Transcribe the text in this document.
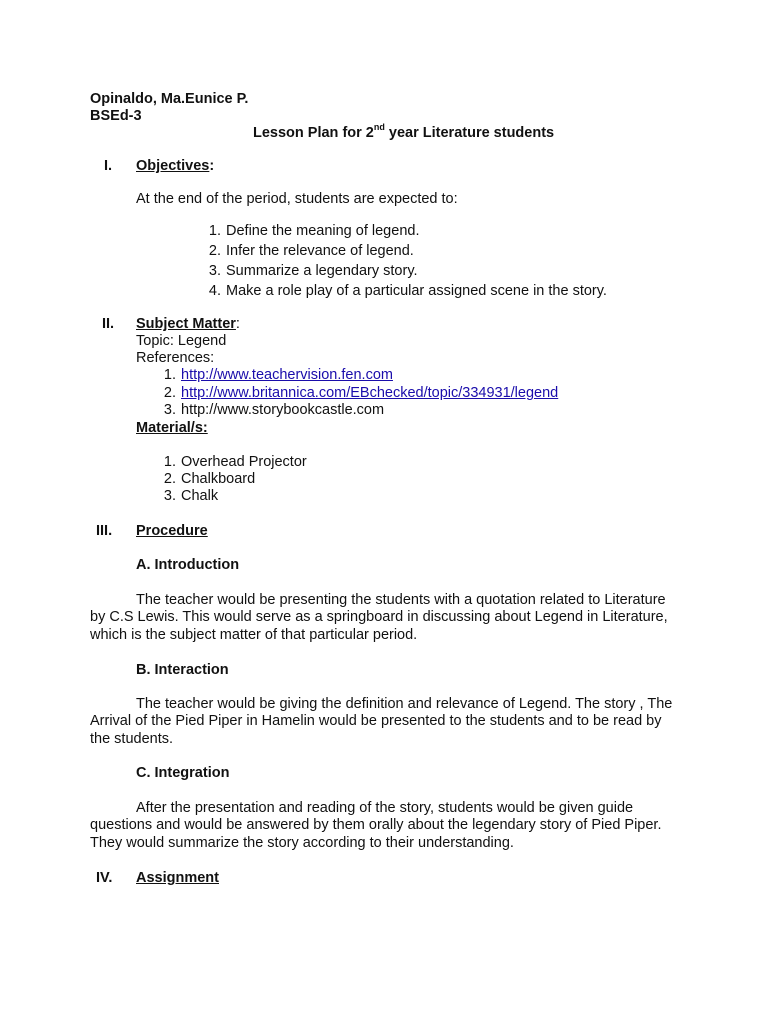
Opinaldo, Ma.Eunice P.
BSEd-3
Lesson Plan for 2nd year Literature students
I. Objectives:
At the end of the period, students are expected to:
1. Define the meaning of legend.
2. Infer the relevance of legend.
3. Summarize a legendary story.
4. Make a role play of a particular assigned scene in the story.
II. Subject Matter:
Topic: Legend
References:
1. http://www.teachervision.fen.com
2. http://www.britannica.com/EBchecked/topic/334931/legend
3. http://www.storybookcastle.com
Material/s:
1. Overhead Projector
2. Chalkboard
3. Chalk
III. Procedure
A. Introduction
The teacher would be presenting the students with a quotation related to Literature by C.S Lewis. This would serve as a springboard in discussing about Legend in Literature, which is the subject matter of that particular period.
B. Interaction
The teacher would be giving the definition and relevance of Legend. The story , The Arrival of the Pied Piper in Hamelin would be presented to the students and to be read by the students.
C. Integration
After the presentation and reading of the story, students would be given guide questions and would be answered by them orally about the legendary story of Pied Piper. They would summarize the story according to their understanding.
IV. Assignment
